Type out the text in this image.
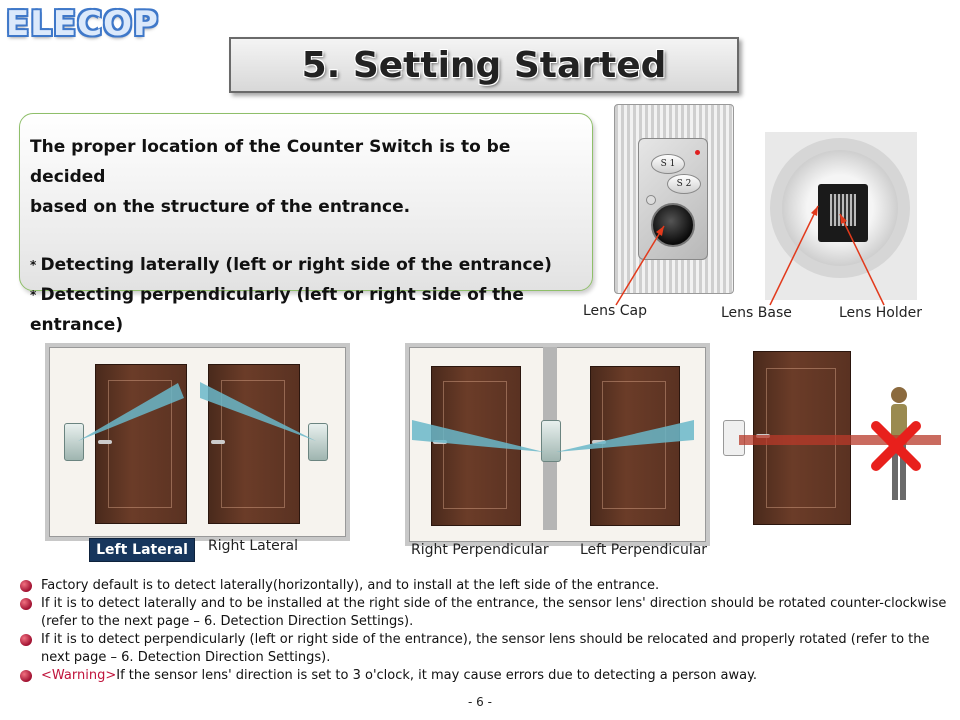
ELECOP
5. Setting Started

The proper location of the Counter Switch is to be decided

based on the structure of the entrance.

* Detecting laterally (left or right side of the entrance)

* Detecting perpendicularly (left or right side of the entrance)

S 1
S 2
Lens Cap	Lens Base	Lens Holder
Left Lateral	Right Lateral	Right Perpendicular Left Perpendicular
Factory default is to detect laterally(horizontally), and to install at the left side of the entrance.
If it is to detect laterally and to be installed at the right side of the entrance, the sensor lens' direction should be rotated counter-clockwise (refer to the next page – 6. Detection Direction Settings).
If it is to detect perpendicularly (left or right side of the entrance), the sensor lens should be relocated and properly rotated (refer to the next page – 6. Detection Direction Settings).
<Warning>If the sensor lens' direction is set to 3 o'clock, it may cause errors due to detecting a person away.
- 6 -
